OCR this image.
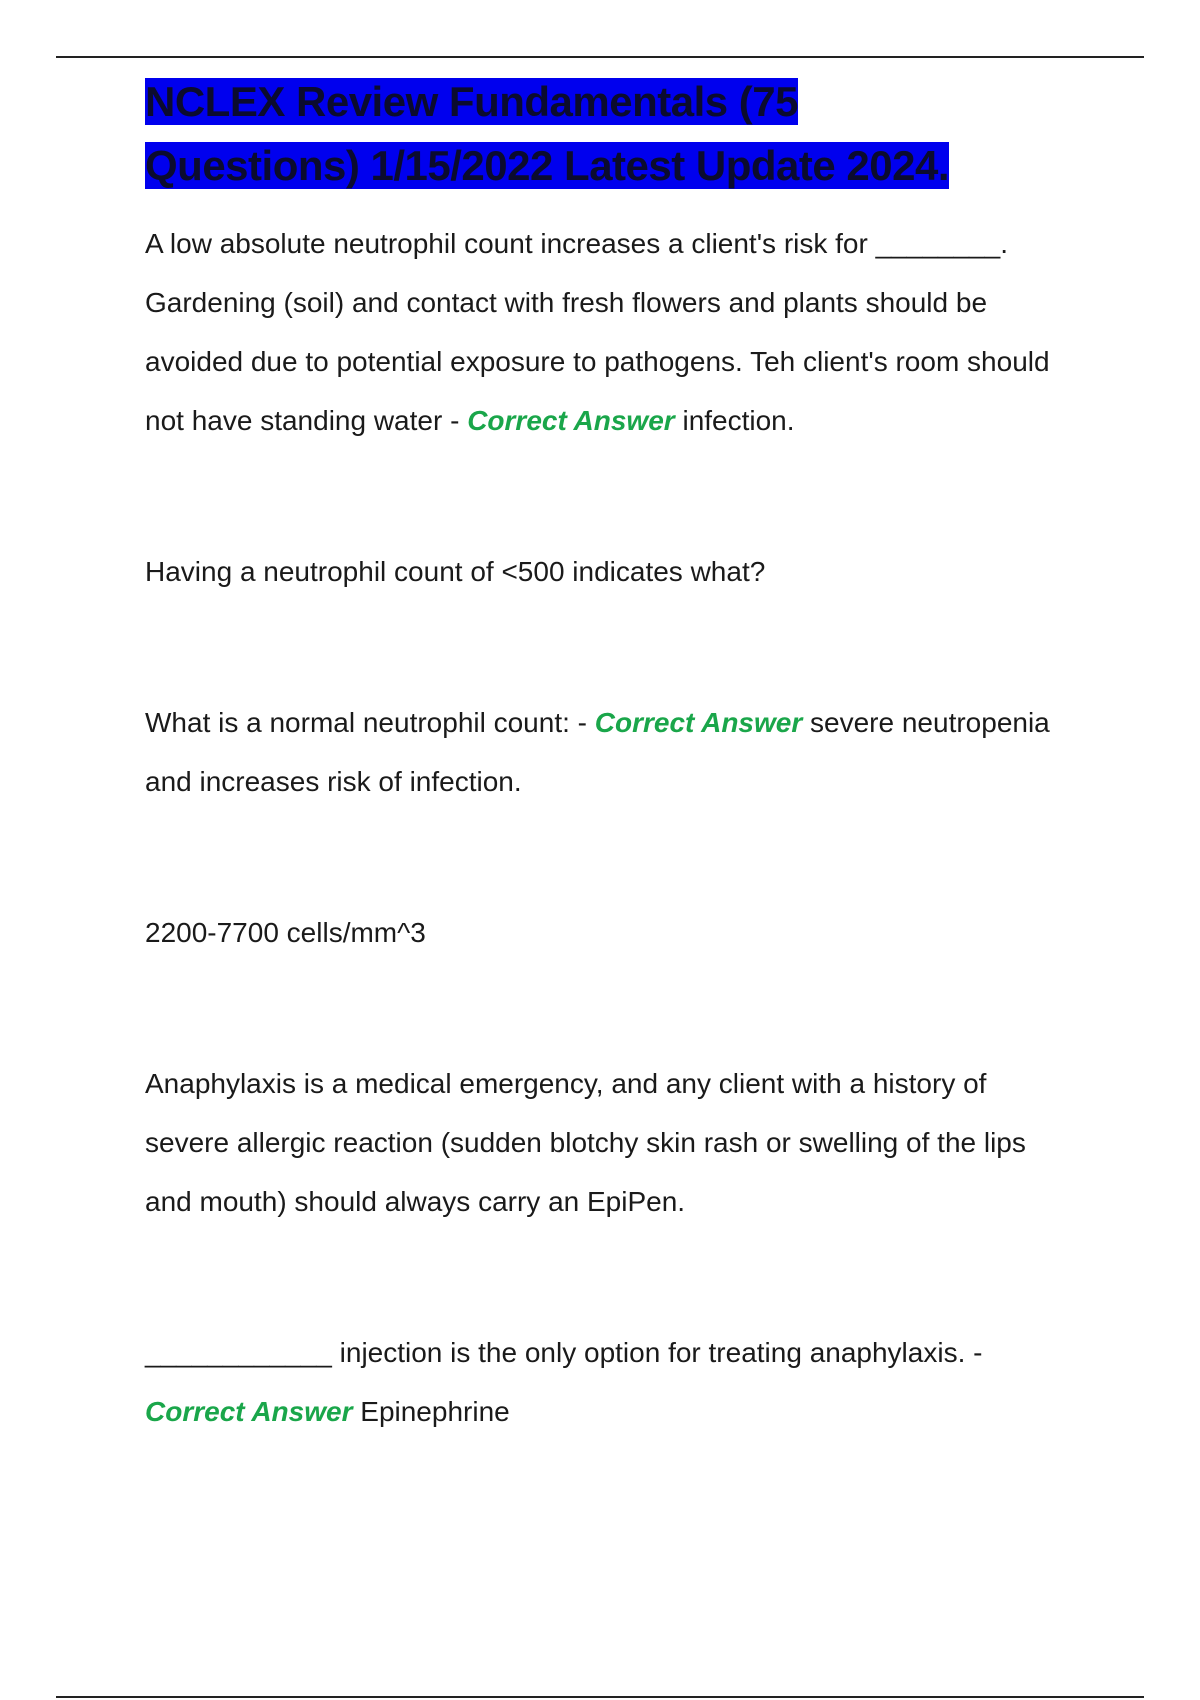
NCLEX Review Fundamentals (75
Questions) 1/15/2022 Latest Update 2024.

A low absolute neutrophil count increases a client's risk for ________. Gardening (soil) and contact with fresh flowers and plants should be avoided due to potential exposure to pathogens. Teh client's room should not have standing water - Correct Answer infection.

Having a neutrophil count of <500 indicates what?

What is a normal neutrophil count: - Correct Answer severe neutropenia and increases risk of infection.

2200-7700 cells/mm^3

Anaphylaxis is a medical emergency, and any client with a history of severe allergic reaction (sudden blotchy skin rash or swelling of the lips and mouth) should always carry an EpiPen.

____________ injection is the only option for treating anaphylaxis. - Correct Answer Epinephrine
